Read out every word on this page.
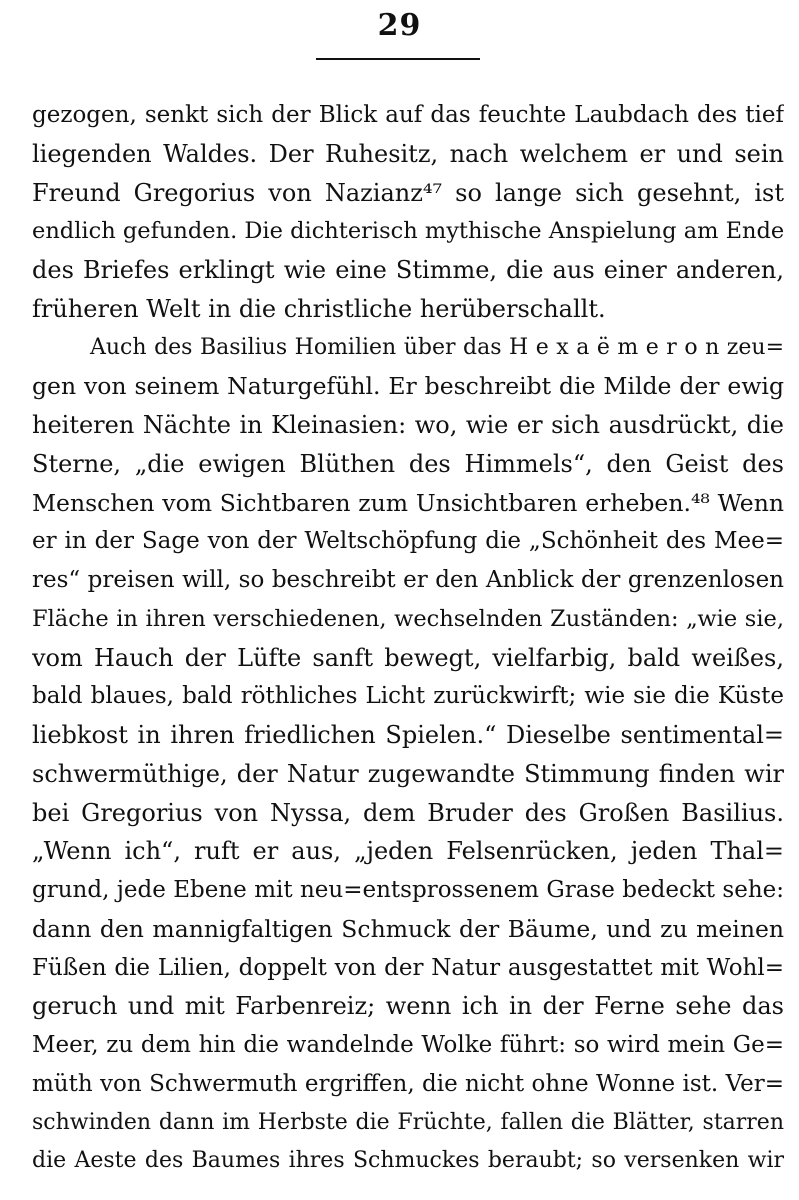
29
gezogen, senkt sich der Blick auf das feuchte Laubdach des tief
liegenden Waldes. Der Ruhesitz, nach welchem er und sein
Freund Gregorius von Nazianz⁴⁷ so lange sich gesehnt, ist
endlich gefunden. Die dichterisch mythische Anspielung am Ende
des Briefes erklingt wie eine Stimme, die aus einer anderen,
früheren Welt in die christliche herüberschallt.
Auch des Basilius Homilien über das H e x a ë m e r o n zeu=
gen von seinem Naturgefühl. Er beschreibt die Milde der ewig
heiteren Nächte in Kleinasien: wo, wie er sich ausdrückt, die
Sterne, „die ewigen Blüthen des Himmels“, den Geist des
Menschen vom Sichtbaren zum Unsichtbaren erheben.⁴⁸ Wenn
er in der Sage von der Weltschöpfung die „Schönheit des Mee=
res“ preisen will, so beschreibt er den Anblick der grenzenlosen
Fläche in ihren verschiedenen, wechselnden Zuständen: „wie sie,
vom Hauch der Lüfte sanft bewegt, vielfarbig, bald weißes,
bald blaues, bald röthliches Licht zurückwirft; wie sie die Küste
liebkost in ihren friedlichen Spielen.“ Dieselbe sentimental=
schwermüthige, der Natur zugewandte Stimmung finden wir
bei Gregorius von Nyssa, dem Bruder des Großen Basilius.
„Wenn ich“, ruft er aus, „jeden Felsenrücken, jeden Thal=
grund, jede Ebene mit neu=entsprossenem Grase bedeckt sehe:
dann den mannigfaltigen Schmuck der Bäume, und zu meinen
Füßen die Lilien, doppelt von der Natur ausgestattet mit Wohl=
geruch und mit Farbenreiz; wenn ich in der Ferne sehe das
Meer, zu dem hin die wandelnde Wolke führt: so wird mein Ge=
müth von Schwermuth ergriffen, die nicht ohne Wonne ist. Ver=
schwinden dann im Herbste die Früchte, fallen die Blätter, starren
die Aeste des Baumes ihres Schmuckes beraubt; so versenken wir
